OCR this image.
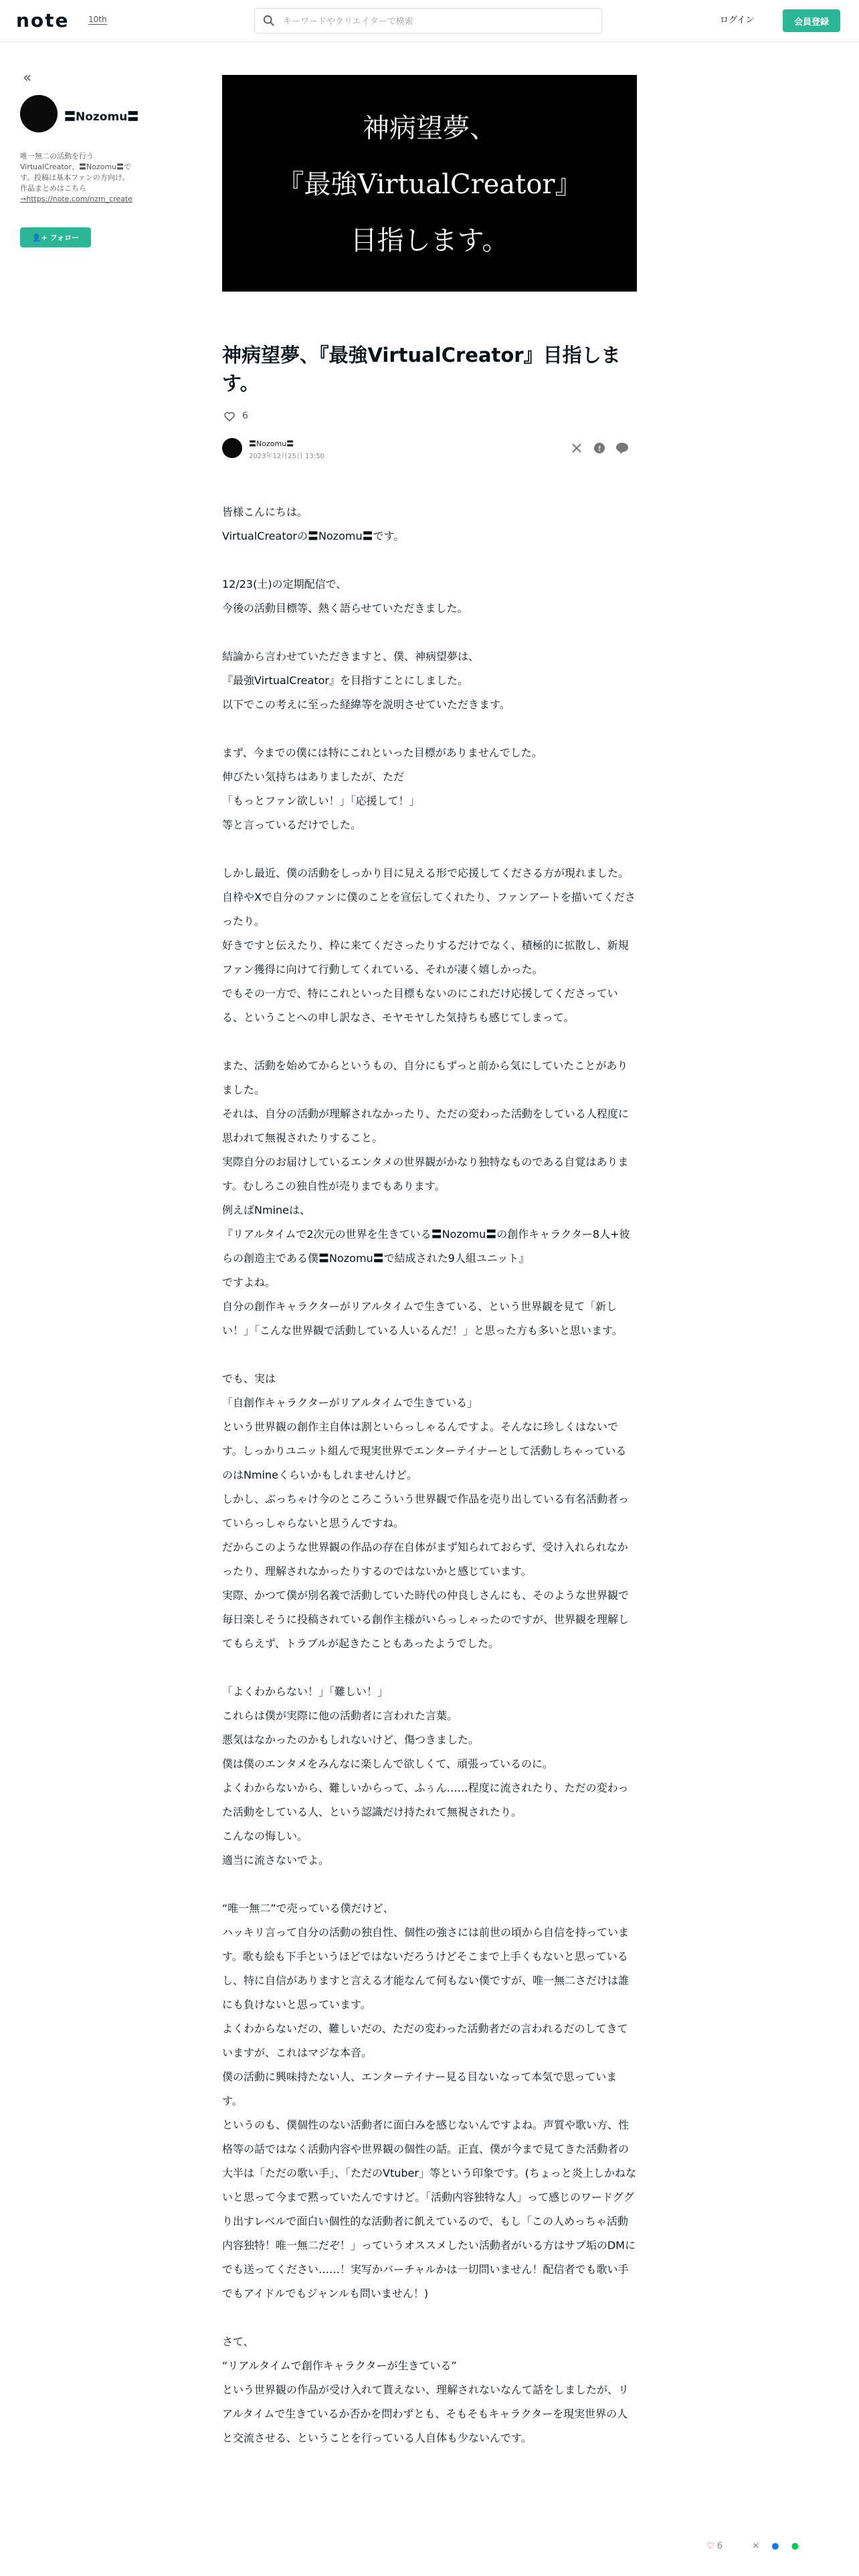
note 10th
キーワードやクリエイターで検索	ログイン	会員登録
«
〓Nozomu〓
唯一無二の活動を行う
VirtualCreator、〓Nozomu〓で
す。投稿は基本ファンの方向け。
作品まとめはこちら
→https://note.com/nzm_create
👤+ フォロー
神病望夢、
『最強VirtualCreator』
目指します。
神病望夢、『最強VirtualCreator』目指します。
6
〓Nozomu〓
2023年12月25日 13:50
f

皆様こんにちは。

VirtualCreatorの〓Nozomu〓です。

12/23(土)の定期配信で、

今後の活動目標等、熱く語らせていただきました。

結論から言わせていただきますと、僕、神病望夢は、

『最強VirtualCreator』を目指すことにしました。

以下でこの考えに至った経緯等を説明させていただきます。

まず、今までの僕には特にこれといった目標がありませんでした。

伸びたい気持ちはありましたが、ただ

「もっとファン欲しい！」「応援して！」

等と言っているだけでした。

しかし最近、僕の活動をしっかり目に見える形で応援してくださる方が現れました。

自枠やXで自分のファンに僕のことを宣伝してくれたり、ファンアートを描いてくださったり。

好きですと伝えたり、枠に来てくださったりするだけでなく、積極的に拡散し、新規ファン獲得に向けて行動してくれている、それが凄く嬉しかった。

でもその一方で、特にこれといった目標もないのにこれだけ応援してくださっている、ということへの申し訳なさ、モヤモヤした気持ちも感じてしまって。

また、活動を始めてからというもの、自分にもずっと前から気にしていたことがありました。

それは、自分の活動が理解されなかったり、ただの変わった活動をしている人程度に思われて無視されたりすること。

実際自分のお届けしているエンタメの世界観がかなり独特なものである自覚はあります。むしろこの独自性が売りまでもあります。

例えばNmineは、

『リアルタイムで2次元の世界を生きている〓Nozomu〓の創作キャラクター8人+彼らの創造主である僕〓Nozomu〓で結成された9人組ユニット』

ですよね。

自分の創作キャラクターがリアルタイムで生きている、という世界観を見て「新しい！」「こんな世界観で活動している人いるんだ！」と思った方も多いと思います。

でも、実は

「自創作キャラクターがリアルタイムで生きている」

という世界観の創作主自体は割といらっしゃるんですよ。そんなに珍しくはないです。しっかりユニット組んで現実世界でエンターテイナーとして活動しちゃっているのはNmineくらいかもしれませんけど。

しかし、ぶっちゃけ今のところこういう世界観で作品を売り出している有名活動者っていらっしゃらないと思うんですね。

だからこのような世界観の作品の存在自体がまず知られておらず、受け入れられなかったり、理解されなかったりするのではないかと感じています。

実際、かつて僕が別名義で活動していた時代の仲良しさんにも、そのような世界観で毎日楽しそうに投稿されている創作主様がいらっしゃったのですが、世界観を理解してもらえず、トラブルが起きたこともあったようでした。

「よくわからない！」「難しい！」

これらは僕が実際に他の活動者に言われた言葉。

悪気はなかったのかもしれないけど、傷つきました。

僕は僕のエンタメをみんなに楽しんで欲しくて、頑張っているのに。

よくわからないから、難しいからって、ふぅん……程度に流されたり、ただの変わった活動をしている人、という認識だけ持たれて無視されたり。

こんなの悔しい。

適当に流さないでよ。

“唯一無二”で売っている僕だけど、

ハッキリ言って自分の活動の独自性、個性の強さには前世の頃から自信を持っています。歌も絵も下手というほどではないだろうけどそこまで上手くもないと思っているし、特に自信がありますと言える才能なんて何もない僕ですが、唯一無二さだけは誰にも負けないと思っています。

よくわからないだの、難しいだの、ただの変わった活動者だの言われるだのしてきていますが、これはマジな本音。

僕の活動に興味持たない人、エンターテイナー見る目ないなって本気で思っています。

というのも、僕個性のない活動者に面白みを感じないんですよね。声質や歌い方、性格等の話ではなく活動内容や世界観の個性の話。正直、僕が今まで見てきた活動者の大半は「ただの歌い手」、「ただのVtuber」等という印象です。(ちょっと炎上しかねないと思って今まで黙っていたんですけど。「活動内容独特な人」って感じのワードググり出すレベルで面白い個性的な活動者に飢えているので、もし「この人めっちゃ活動内容独特！唯一無二だぞ！」っていうオススメしたい活動者がいる方はサブ垢のDMにでも送ってください……！実写かバーチャルかは一切問いません！配信者でも歌い手でもアイドルでもジャンルも問いません！)

さて、

“リアルタイムで創作キャラクターが生きている”

という世界観の作品が受け入れて貰えない、理解されないなんて話をしましたが、リアルタイムで生きているか否かを問わずとも、そもそもキャラクターを現実世界の人と交流させる、ということを行っている人自体も少ないんです。

♡ 6	✕ ● ●
